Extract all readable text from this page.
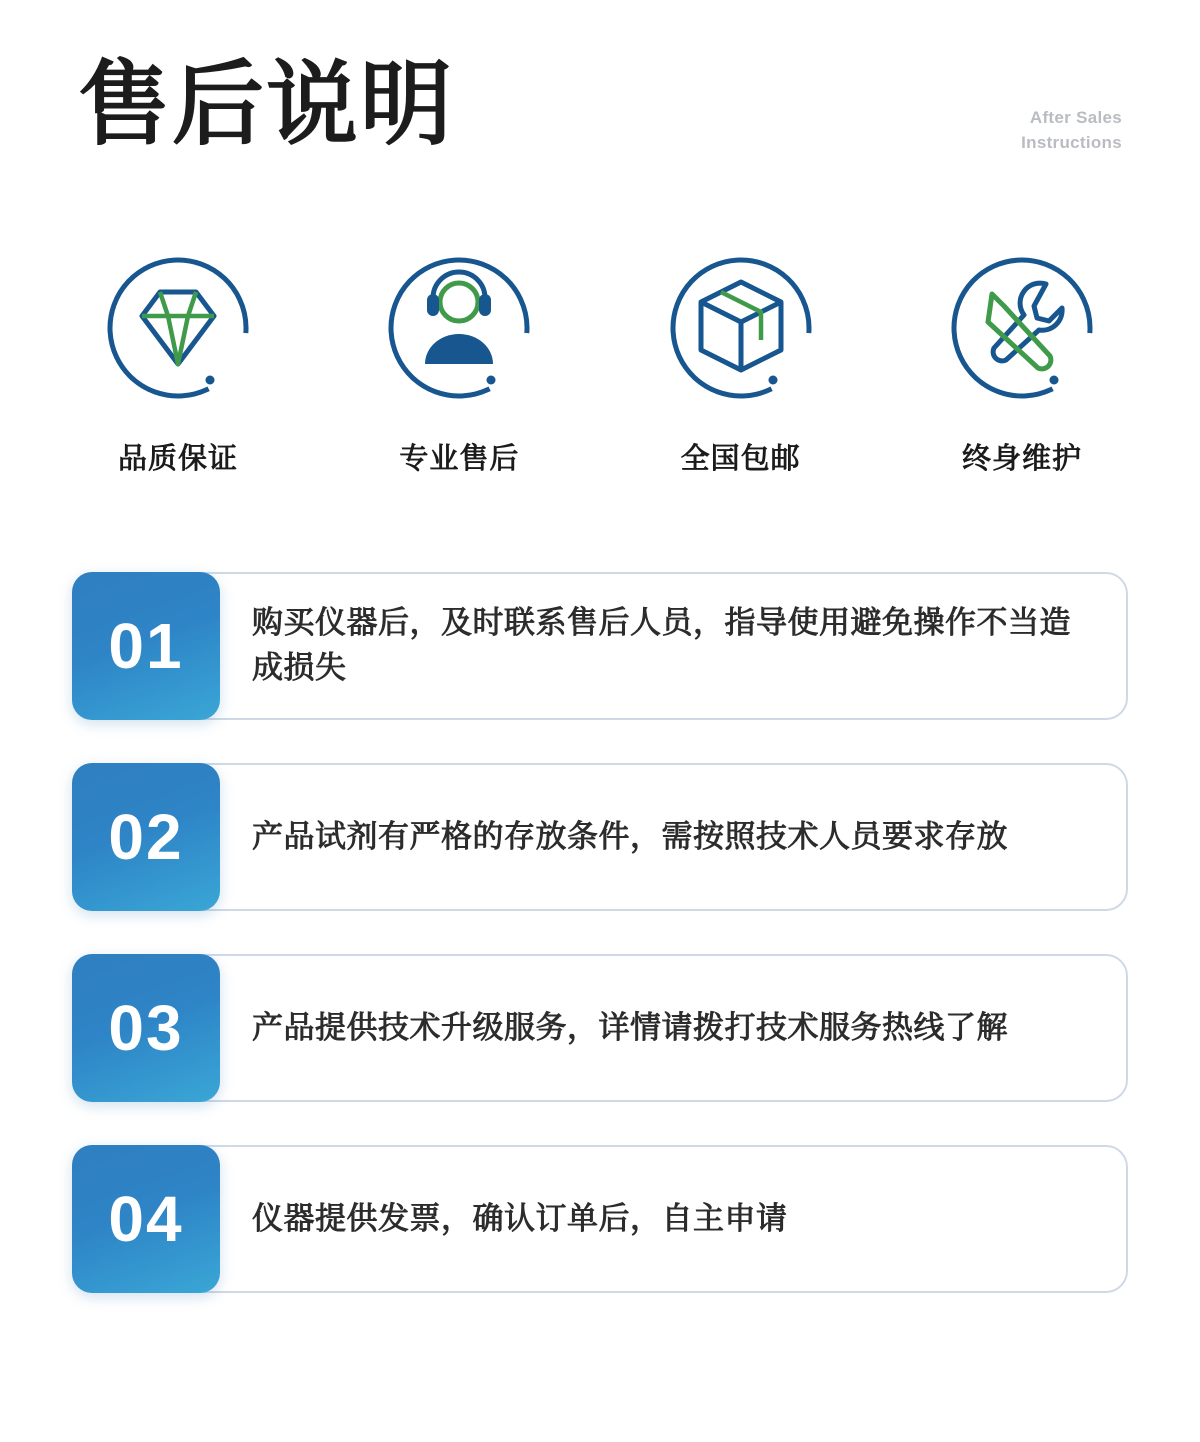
售后说明	After Sales
Instructions
品质保证	专业售后	全国包邮	终身维护
01	购买仪器后，及时联系售后人员，指导使用避免操作不当造成损失
02	产品试剂有严格的存放条件，需按照技术人员要求存放
03	产品提供技术升级服务，详情请拨打技术服务热线了解
04	仪器提供发票，确认订单后，自主申请
